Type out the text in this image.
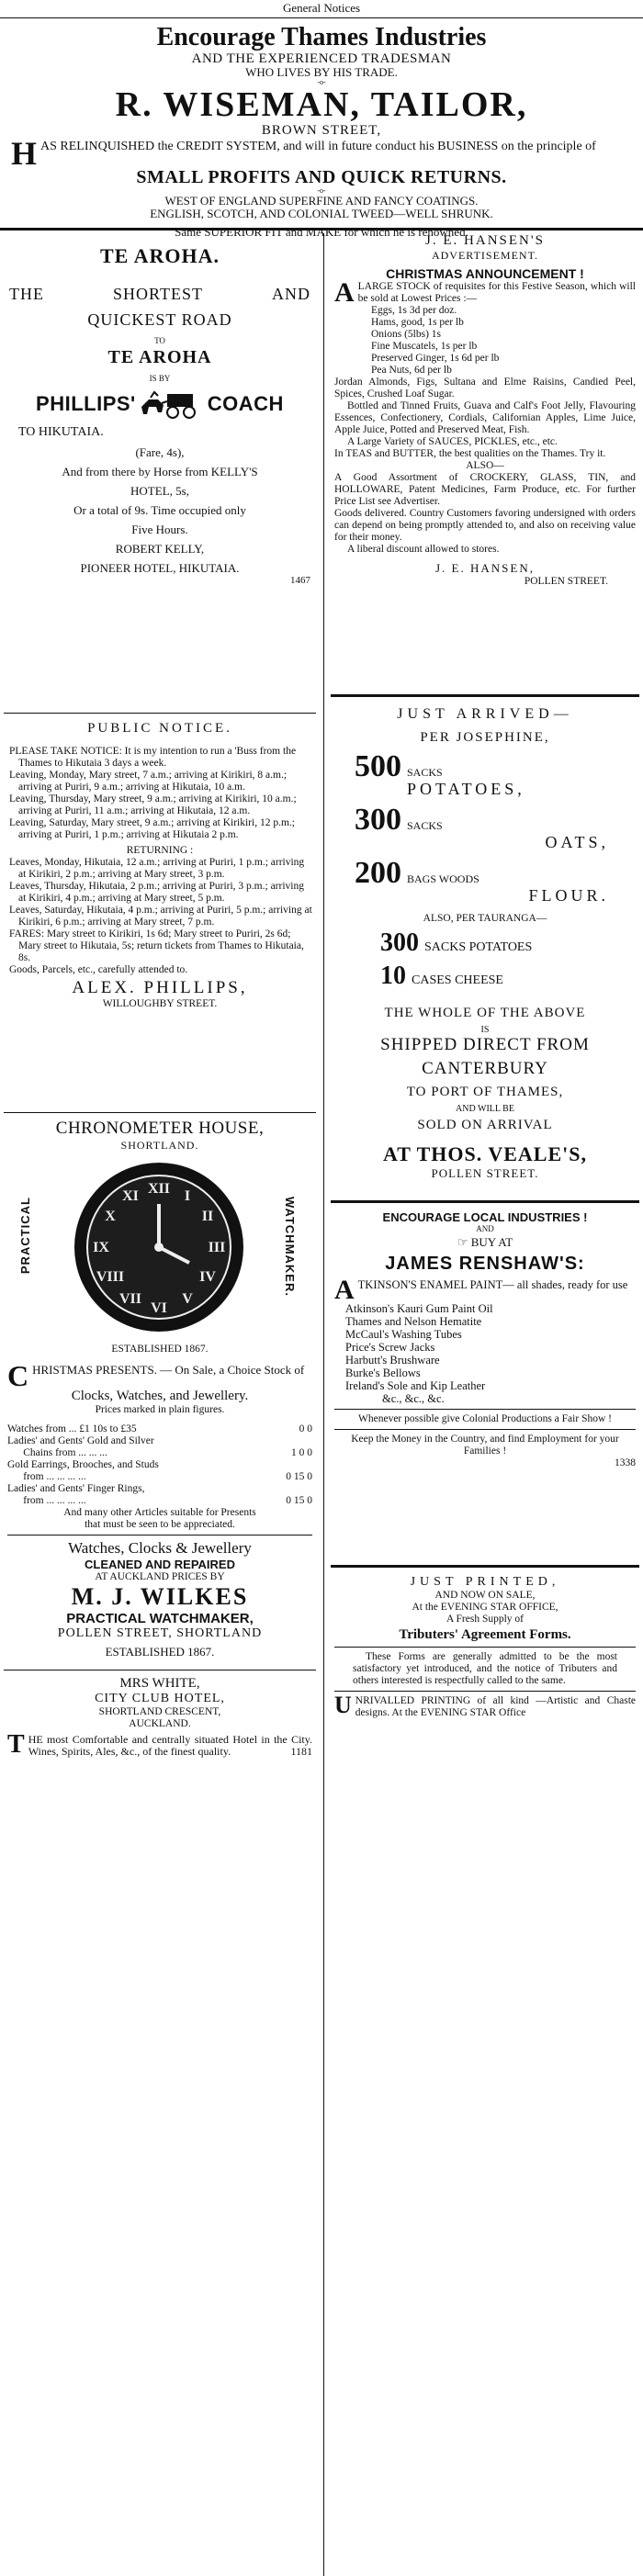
General Notices
Encourage Thames Industries
AND THE EXPERIENCED TRADESMAN
WHO LIVES BY HIS TRADE.
-o-
R. WISEMAN, TAILOR,
BROWN STREET,
H AS RELINQUISHED the CREDIT SYSTEM, and will in future conduct his BUSINESS on the principle of
SMALL PROFITS AND QUICK RETURNS.
-o-
WEST OF ENGLAND SUPERFINE AND FANCY COATINGS.
ENGLISH, SCOTCH, AND COLONIAL TWEED—WELL SHRUNK.
Same SUPERIOR FIT and MAKE for which he is renowned.
TE AROHA.
THE	SHORTEST	AND
QUICKEST ROAD
TO
TE AROHA
IS BY
PHILLIPS'	COACH
TO HIKUTAIA.
(Fare, 4s),
And from there by Horse from KELLY'S
HOTEL, 5s,
Or a total of 9s. Time occupied only
Five Hours.
ROBERT KELLY,
PIONEER HOTEL, HIKUTAIA.
1467
PUBLIC NOTICE.
PLEASE TAKE NOTICE: It is my intention to run a 'Buss from the Thames to Hikutaia 3 days a week.
Leaving, Monday, Mary street, 7 a.m.; arriving at Kirikiri, 8 a.m.; arriving at Puriri, 9 a.m.; arriving at Hikutaia, 10 a.m.
Leaving, Thursday, Mary street, 9 a.m.; arriving at Kirikiri, 10 a.m.; arriving at Puriri, 11 a.m.; arriving at Hikutaia, 12 a.m.
Leaving, Saturday, Mary street, 9 a.m.; arriving at Kirikiri, 12 p.m.; arriving at Puriri, 1 p.m.; arriving at Hikutaia 2 p.m.
RETURNING :
Leaves, Monday, Hikutaia, 12 a.m.; arriving at Puriri, 1 p.m.; arriving at Kirikiri, 2 p.m.; arriving at Mary street, 3 p.m.
Leaves, Thursday, Hikutaia, 2 p.m.; arriving at Puriri, 3 p.m.; arriving at Kirikiri, 4 p.m.; arriving at Mary street, 5 p.m.
Leaves, Saturday, Hikutaia, 4 p.m.; arriving at Puriri, 5 p.m.; arriving at Kirikiri, 6 p.m.; arriving at Mary street, 7 p.m.
FARES: Mary street to Kirikiri, 1s 6d; Mary street to Puriri, 2s 6d; Mary street to Hikutaia, 5s; return tickets from Thames to Hikutaia, 8s.
Goods, Parcels, etc., carefully attended to.
ALEX. PHILLIPS,
WILLOUGHBY STREET.
CHRONOMETER HOUSE,
SHORTLAND.
PRACTICAL
XII I
II
III
IV
V
VI
VII
VIII
IX
X
XI
WATCHMAKER.
ESTABLISHED 1867.
C HRISTMAS PRESENTS. — On Sale, a Choice Stock of
Clocks, Watches, and Jewellery.
Prices marked in plain figures.
Watches from ... £1 10s to £35	0 0
Ladies' and Gents' Gold and Silver
Chains from ... ... ...	1 0 0
Gold Earrings, Brooches, and Studs
from ... ... ... ...	0 15 0
Ladies' and Gents' Finger Rings,
from ... ... ... ...	0 15 0
And many other Articles suitable for Presents
that must be seen to be appreciated.
Watches, Clocks & Jewellery
CLEANED AND REPAIRED
AT AUCKLAND PRICES BY
M. J. WILKES
PRACTICAL WATCHMAKER,
POLLEN STREET, SHORTLAND
ESTABLISHED 1867.
MRS WHITE,
CITY CLUB HOTEL,
SHORTLAND CRESCENT,
AUCKLAND.
T HE most Comfortable and centrally situated Hotel in the City. Wines, Spirits, Ales, &c., of the finest quality.	1181
J. E. HANSEN'S
ADVERTISEMENT.
CHRISTMAS ANNOUNCEMENT !
A LARGE STOCK of requisites for this Festive Season, which will be sold at Lowest Prices :—
Eggs, 1s 3d per doz.
Hams, good, 1s per lb
Onions (5lbs) 1s
Fine Muscatels, 1s per lb
Preserved Ginger, 1s 6d per lb
Pea Nuts, 6d per lb
Jordan Almonds, Figs, Sultana and Elme Raisins, Candied Peel, Spices, Crushed Loaf Sugar.
Bottled and Tinned Fruits, Guava and Calf's Foot Jelly, Flavouring Essences, Confectionery, Cordials, Californian Apples, Lime Juice, Apple Juice, Potted and Preserved Meat, Fish.
A Large Variety of SAUCES, PICKLES, etc., etc.
In TEAS and BUTTER, the best qualities on the Thames. Try it.
ALSO—
A Good Assortment of CROCKERY, GLASS, TIN, and HOLLOWARE, Patent Medicines, Farm Produce, etc. For further Price List see Advertiser.
Goods delivered. Country Customers favoring undersigned with orders can depend on being promptly attended to, and also on receiving value for their money.
A liberal discount allowed to stores.
J. E. HANSEN,
POLLEN STREET.
JUST ARRIVED—
PER JOSEPHINE,
500 SACKS
POTATOES,
300 SACKS
OATS,
200 BAGS WOODS
FLOUR.
ALSO, PER TAURANGA—
300 SACKS POTATOES
10 CASES CHEESE
THE WHOLE OF THE ABOVE
IS
SHIPPED DIRECT FROM
CANTERBURY
TO PORT OF THAMES,
AND WILL BE
SOLD ON ARRIVAL
AT THOS. VEALE'S,
POLLEN STREET.
ENCOURAGE LOCAL INDUSTRIES !
AND
☞ BUY AT
JAMES RENSHAW'S:
A TKINSON'S ENAMEL PAINT— all shades, ready for use
Atkinson's Kauri Gum Paint Oil
Thames and Nelson Hematite
McCaul's Washing Tubes
Price's Screw Jacks
Harbutt's Brushware
Burke's Bellows
Ireland's Sole and Kip Leather
&c., &c., &c.
Whenever possible give Colonial Productions a Fair Show !
Keep the Money in the Country, and find Employment for your Families !
1338
JUST PRINTED,
AND NOW ON SALE,
At the EVENING STAR OFFICE,
A Fresh Supply of
Tributers' Agreement Forms.
These Forms are generally admitted to be the most satisfactory yet introduced, and the notice of Tributers and others interested is respectfully called to the same.
U NRIVALLED PRINTING of all kind —Artistic and Chaste designs. At the EVENING STAR Office
